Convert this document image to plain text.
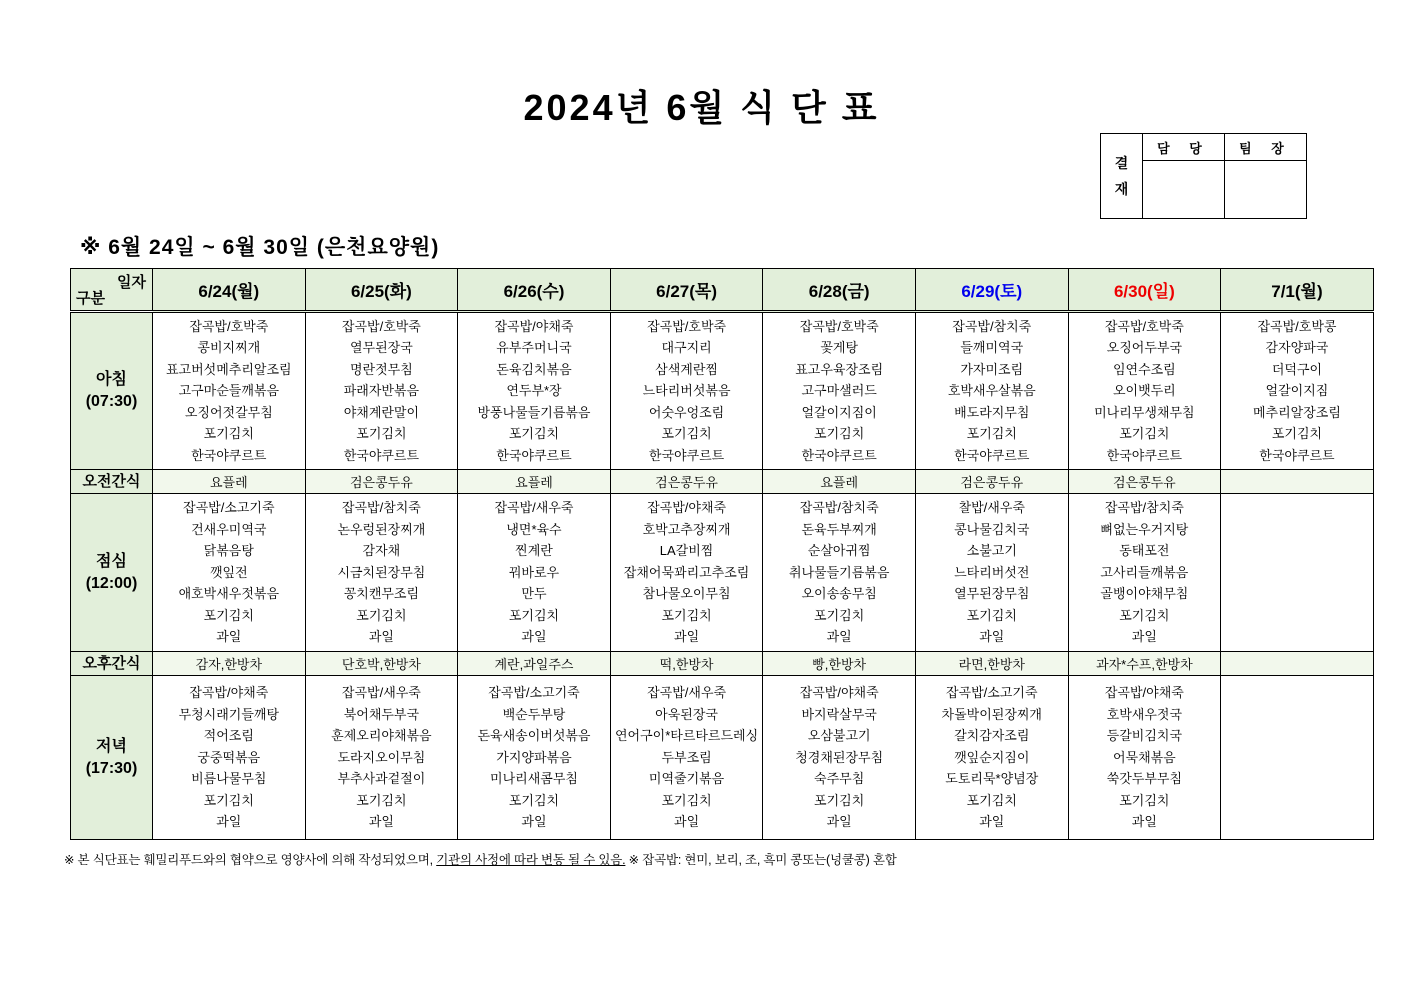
2024년 6월 식 단 표
결
재	담 당	팀 장

※ 6월 24일 ~ 6월 30일 (은천요양원)
일자
구분	6/24(월)	6/25(화)	6/26(수)	6/27(목)	6/28(금)	6/29(토)	6/30(일)	7/1(월)

아침
(07:30)

잡곡밥/호박죽
콩비지찌개
표고버섯메추리알조림
고구마순들깨볶음
오징어젓갈무침
포기김치
한국야쿠르트

잡곡밥/호박죽
열무된장국
명란젓무침
파래자반볶음
야채계란말이
포기김치
한국야쿠르트

잡곡밥/야채죽
유부주머니국
돈육김치볶음
연두부*장
방풍나물들기름볶음
포기김치
한국야쿠르트

잡곡밥/호박죽
대구지리
삼색계란찜
느타리버섯볶음
어숫우엉조림
포기김치
한국야쿠르트

잡곡밥/호박죽
꽃게탕
표고우육장조림
고구마샐러드
얼갈이지짐이
포기김치
한국야쿠르트

잡곡밥/참치죽
들깨미역국
가자미조림
호박새우살볶음
배도라지무침
포기김치
한국야쿠르트

잡곡밥/호박죽
오징어두부국
임연수조림
오이뱃두리
미나리무생채무침
포기김치
한국야쿠르트

잡곡밥/호박콩
감자양파국
더덕구이
얼갈이지짐
메추리알장조림
포기김치
한국야쿠르트

오전간식	요플레	검은콩두유	요플레	검은콩두유	요플레	검은콩두유	검은콩두유	

점심
(12:00)

잡곡밥/소고기죽
건새우미역국
닭볶음탕
깻잎전
애호박새우젓볶음
포기김치
과일

잡곡밥/참치죽
논우렁된장찌개
감자채
시금치된장무침
꽁치캔무조림
포기김치
과일

잡곡밥/새우죽
냉면*육수
찐계란
꿔바로우
만두
포기김치
과일

잡곡밥/야채죽
호박고추장찌개
LA갈비찜
잡채어묵꽈리고추조림
참나물오이무침
포기김치
과일

잡곡밥/참치죽
돈육두부찌개
순살아귀찜
취나물들기름볶음
오이송송무침
포기김치
과일

찰밥/새우죽
콩나물김치국
소불고기
느타리버섯전
열무된장무침
포기김치
과일

잡곡밥/참치죽
뼈없는우거지탕
동태포전
고사리들깨볶음
골뱅이야채무침
포기김치
과일

오후간식	감자,한방차	단호박,한방차	계란,과일주스	떡,한방차	빵,한방차	라면,한방차	과자*수프,한방차	

저녁
(17:30)

잡곡밥/야채죽
무청시래기들깨탕
적어조림
궁중떡볶음
비름나물무침
포기김치
과일

잡곡밥/새우죽
북어채두부국
훈제오리야채볶음
도라지오이무침
부추사과겉절이
포기김치
과일

잡곡밥/소고기죽
백순두부탕
돈육새송이버섯볶음
가지양파볶음
미나리새콤무침
포기김치
과일

잡곡밥/새우죽
아욱된장국
연어구이*타르타르드레싱
두부조림
미역줄기볶음
포기김치
과일

잡곡밥/야채죽
바지락살무국
오삼불고기
청경채된장무침
숙주무침
포기김치
과일

잡곡밥/소고기죽
차돌박이된장찌개
갈치감자조림
깻잎순지짐이
도토리묵*양념장
포기김치
과일

잡곡밥/야채죽
호박새우젓국
등갈비김치국
어묵채볶음
쑥갓두부무침
포기김치
과일

※ 본 식단표는 훼밀리푸드와의 협약으로 영양사에 의해 작성되었으며, 기관의 사정에 따라 변동 될 수 있음. ※ 잡곡밥: 현미, 보리, 조, 흑미 콩또는(넝쿨콩) 혼합
